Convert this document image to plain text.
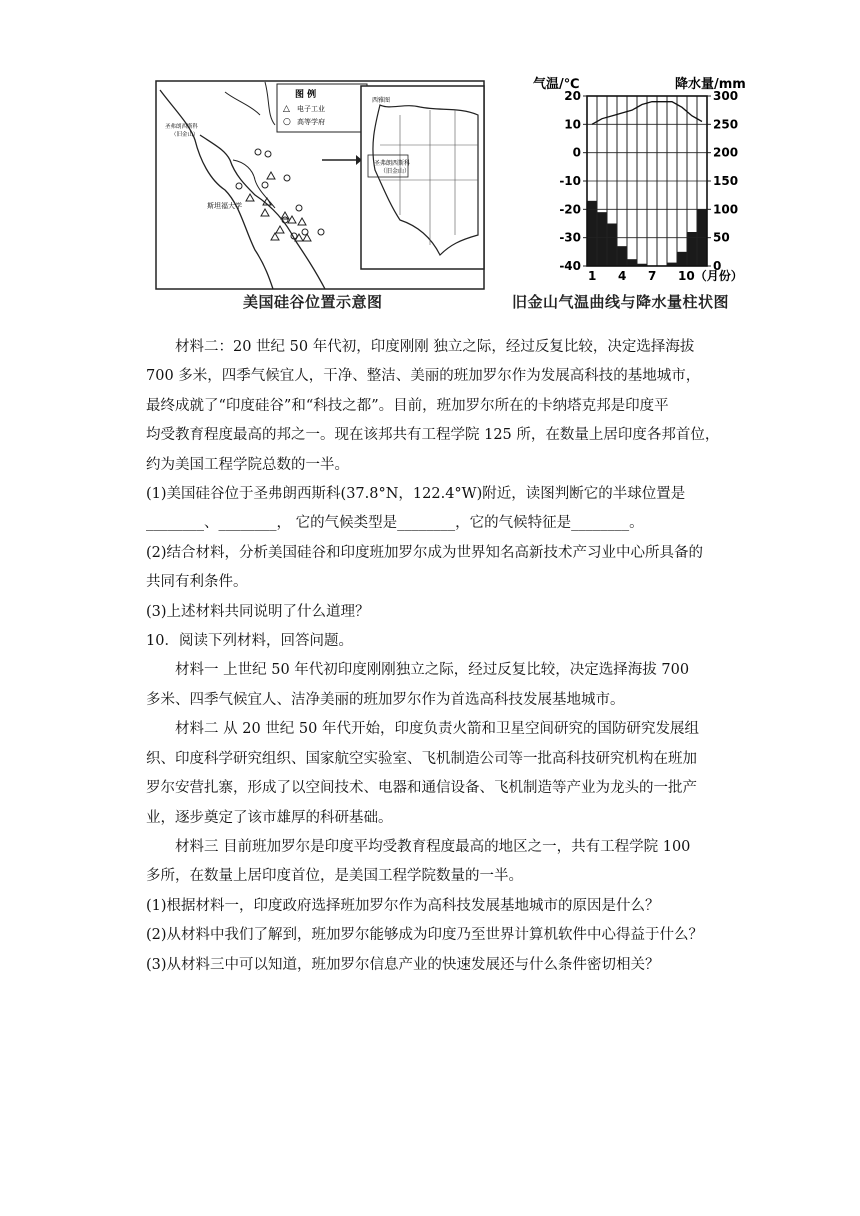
图 例
△ 电子工业
○ 高等学府
圣弗朗西斯科
（旧金山）
斯坦福大学
西雅图
圣弗朗西斯科
（旧金山）
美国硅谷位置示意图
气温/℃	降水量/mm
20
10
0
-10
-20
-30
-40
300
250
200
150
100
50
0
1 4 7 10（月份）
旧金山气温曲线与降水量柱状图

材料二：20 世纪 50 年代初，印度刚刚 独立之际，经过反复比较，决定选择海拔

700 多米，四季气候宜人，干净、整洁、美丽的班加罗尔作为发展高科技的基地城市，

最终成就了“印度硅谷”和“科技之都”。目前，班加罗尔所在的卡纳塔克邦是印度平

均受教育程度最高的邦之一。现在该邦共有工程学院 125 所，在数量上居印度各邦首位，

约为美国工程学院总数的一半。

(1)美国硅谷位于圣弗朗西斯科(37.8°N，122.4°W)附近，读图判断它的半球位置是

________、________， 它的气候类型是________，它的气候特征是________。

(2)结合材料，分析美国硅谷和印度班加罗尔成为世界知名高新技术产习业中心所具备的

共同有利条件。

(3)上述材料共同说明了什么道理？

10．阅读下列材料，回答问题。

材料一 上世纪 50 年代初印度刚刚独立之际，经过反复比较，决定选择海拔 700

多米、四季气候宜人、洁净美丽的班加罗尔作为首选高科技发展基地城市。

材料二 从 20 世纪 50 年代开始，印度负责火箭和卫星空间研究的国防研究发展组

织、印度科学研究组织、国家航空实验室、飞机制造公司等一批高科技研究机构在班加

罗尔安营扎寨，形成了以空间技术、电器和通信设备、飞机制造等产业为龙头的一批产

业，逐步奠定了该市雄厚的科研基础。

材料三 目前班加罗尔是印度平均受教育程度最高的地区之一，共有工程学院 100

多所，在数量上居印度首位，是美国工程学院数量的一半。

(1)根据材料一，印度政府选择班加罗尔作为高科技发展基地城市的原因是什么？

(2)从材料中我们了解到，班加罗尔能够成为印度乃至世界计算机软件中心得益于什么？

(3)从材料三中可以知道，班加罗尔信息产业的快速发展还与什么条件密切相关？
